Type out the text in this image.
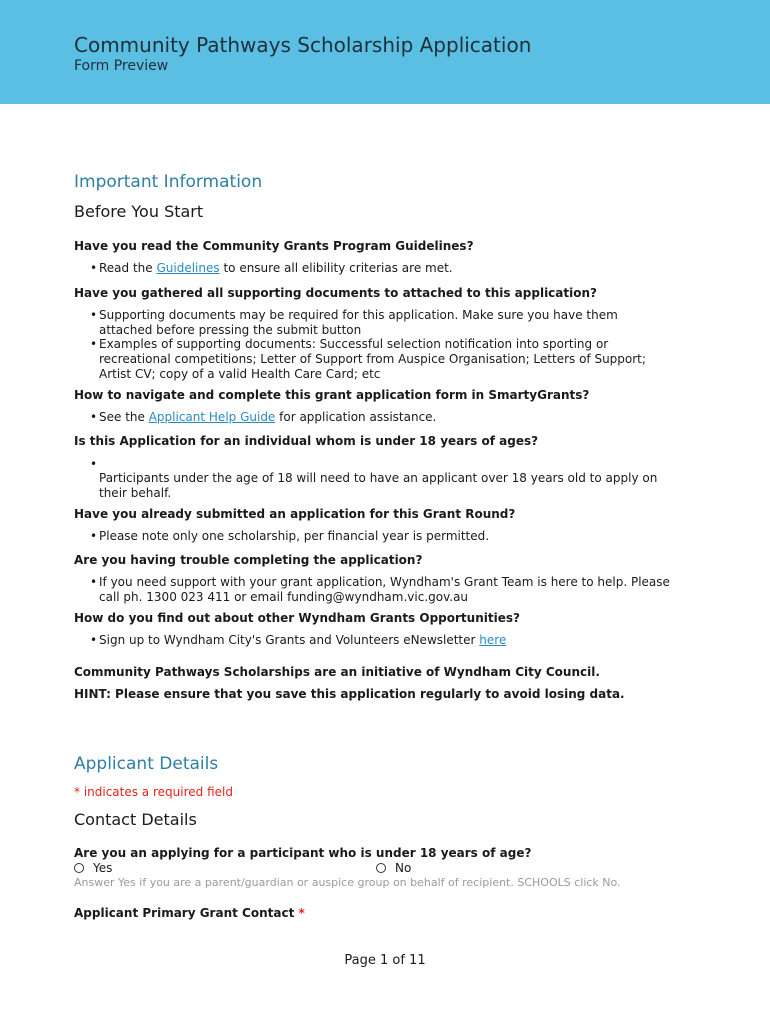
Community Pathways Scholarship Application
Form Preview
Important Information
Before You Start
Have you read the Community Grants Program Guidelines?
• Read the Guidelines to ensure all elibility criterias are met.
Have you gathered all supporting documents to attached to this application?
• Supporting documents may be required for this application. Make sure you have them attached before pressing the submit button
• Examples of supporting documents: Successful selection notification into sporting or recreational competitions; Letter of Support from Auspice Organisation; Letters of Support; Artist CV; copy of a valid Health Care Card; etc
How to navigate and complete this grant application form in SmartyGrants?
• See the Applicant Help Guide for application assistance.
Is this Application for an individual whom is under 18 years of ages?
•
Participants under the age of 18 will need to have an applicant over 18 years old to apply on their behalf.
Have you already submitted an application for this Grant Round?
• Please note only one scholarship, per financial year is permitted.
Are you having trouble completing the application?
• If you need support with your grant application, Wyndham's Grant Team is here to help. Please call ph. 1300 023 411 or email funding@wyndham.vic.gov.au
How do you find out about other Wyndham Grants Opportunities?
• Sign up to Wyndham City's Grants and Volunteers eNewsletter here
Community Pathways Scholarships are an initiative of Wyndham City Council.
HINT: Please ensure that you save this application regularly to avoid losing data.
Applicant Details
* indicates a required field
Contact Details
Are you an applying for a participant who is under 18 years of age?
Yes	No
Answer Yes if you are a parent/guardian or auspice group on behalf of recipient. SCHOOLS click No.
Applicant Primary Grant Contact *
Page 1 of 11
